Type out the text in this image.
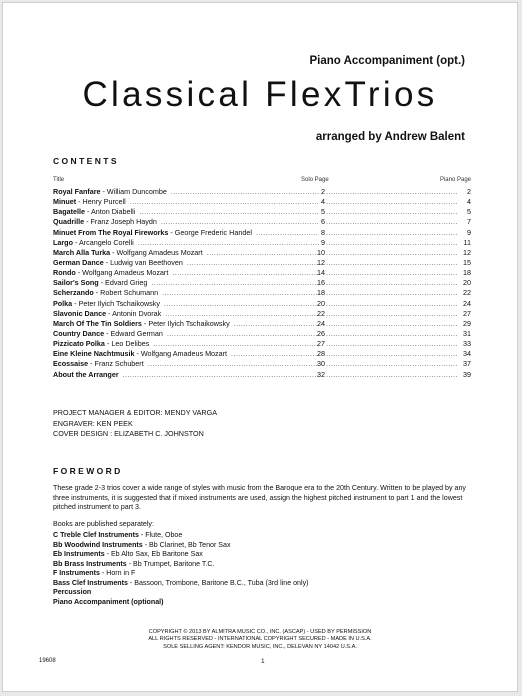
Piano Accompaniment (opt.)
Classical FlexTrios
arranged by Andrew Balent
CONTENTS
Title	Solo Page	Piano Page
Royal Fanfare - William Duncombe .....	2 .....	2
Minuet - Henry Purcell .....	4 .....	4
Bagatelle - Anton Diabelli .....	5 .....	5
Quadrille - Franz Joseph Haydn .....	6 .....	7
Minuet From The Royal Fireworks - George Frederic Handel .....	8 .....	9
Largo - Arcangelo Corelli .....	9 .....	11
March Alla Turka - Wolfgang Amadeus Mozart .....	10 .....	12
German Dance - Ludwig van Beethoven .....	12 .....	15
Rondo - Wolfgang Amadeus Mozart .....	14 .....	18
Sailor's Song - Edvard Grieg .....	16 .....	20
Scherzando - Robert Schumann .....	18 .....	22
Polka - Peter Ilyich Tschaikowsky .....	20 .....	24
Slavonic Dance - Antonin Dvorak .....	22 .....	27
March Of The Tin Soldiers - Peter Ilyich Tschaikowsky .....	24 .....	29
Country Dance - Edward German .....	26 .....	31
Pizzicato Polka - Leo Delibes .....	27 .....	33
Eine Kleine Nachtmusik - Wolfgang Amadeus Mozart .....	28 .....	34
Ecossaise - Franz Schubert .....	30 .....	37
About the Arranger .....	32 .....	39
PROJECT MANAGER & EDITOR: MENDY VARGA
ENGRAVER: KEN PEEK
COVER DESIGN : ELIZABETH C. JOHNSTON
FOREWORD
These grade 2-3 trios cover a wide range of styles with music from the Baroque era to the 20th Century. Written to be played by any three instruments, it is suggested that if mixed instruments are used, assign the highest pitched instrument to part 1 and the lowest pitched instrument to part 3.
Books are published separately:
C Treble Clef Instruments - Flute, Oboe
Bb Woodwind Instruments - Bb Clarinet, Bb Tenor Sax
Eb Instruments - Eb Alto Sax, Eb Baritone Sax
Bb Brass Instruments - Bb Trumpet, Baritone T.C.
F Instruments - Horn in F
Bass Clef Instruments - Bassoon, Trombone, Baritone B.C., Tuba (3rd line only)
Percussion
Piano Accompaniment (optional)
COPYRIGHT © 2013 BY ALMITRA MUSIC CO., INC. (ASCAP) - USED BY PERMISSION
ALL RIGHTS RESERVED - INTERNATIONAL COPYRIGHT SECURED - MADE IN U.S.A.
SOLE SELLING AGENT: KENDOR MUSIC, INC., DELEVAN NY 14042 U.S.A.
19608	1
